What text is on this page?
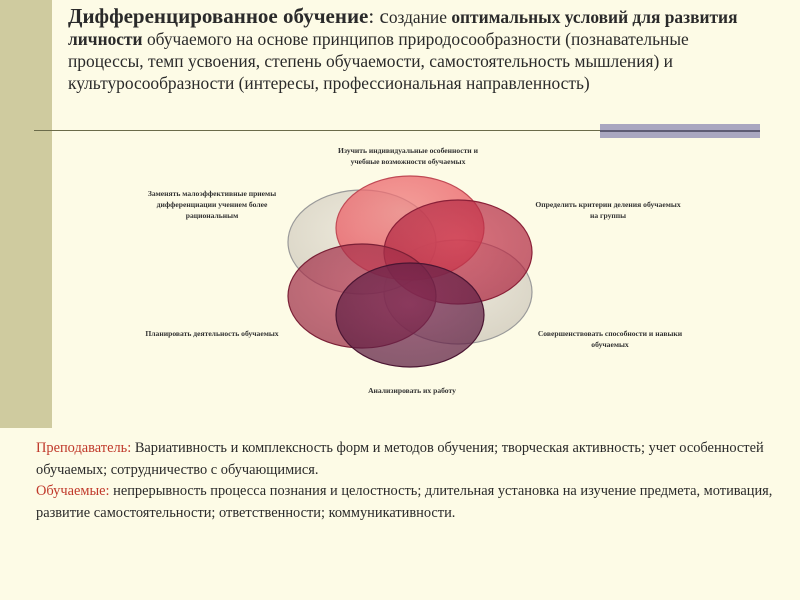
Дифференцированное обучение: создание оптимальных условий для развития личности обучаемого на основе принципов природосообразности (познавательные процессы, темп усвоения, степень обучаемости, самостоятельность мышления) и культуросообразности (интересы, профессиональная направленность)
Изучить индивидуальные особенности и учебные возможности обучаемых
Определить критерии деления обучаемых на группы
Совершенствовать способности и навыки обучаемых
Анализировать их работу
Планировать деятельность обучаемых
Заменять малоэффективные приемы дифференциации учением более рациональным
Преподаватель: Вариативность и комплексность форм и методов обучения; творческая активность; учет особенностей обучаемых; сотрудничество с обучающимися.
Обучаемые: непрерывность процесса познания и целостность; длительная установка на изучение предмета, мотивация, развитие самостоятельности; ответственности; коммуникативности.
